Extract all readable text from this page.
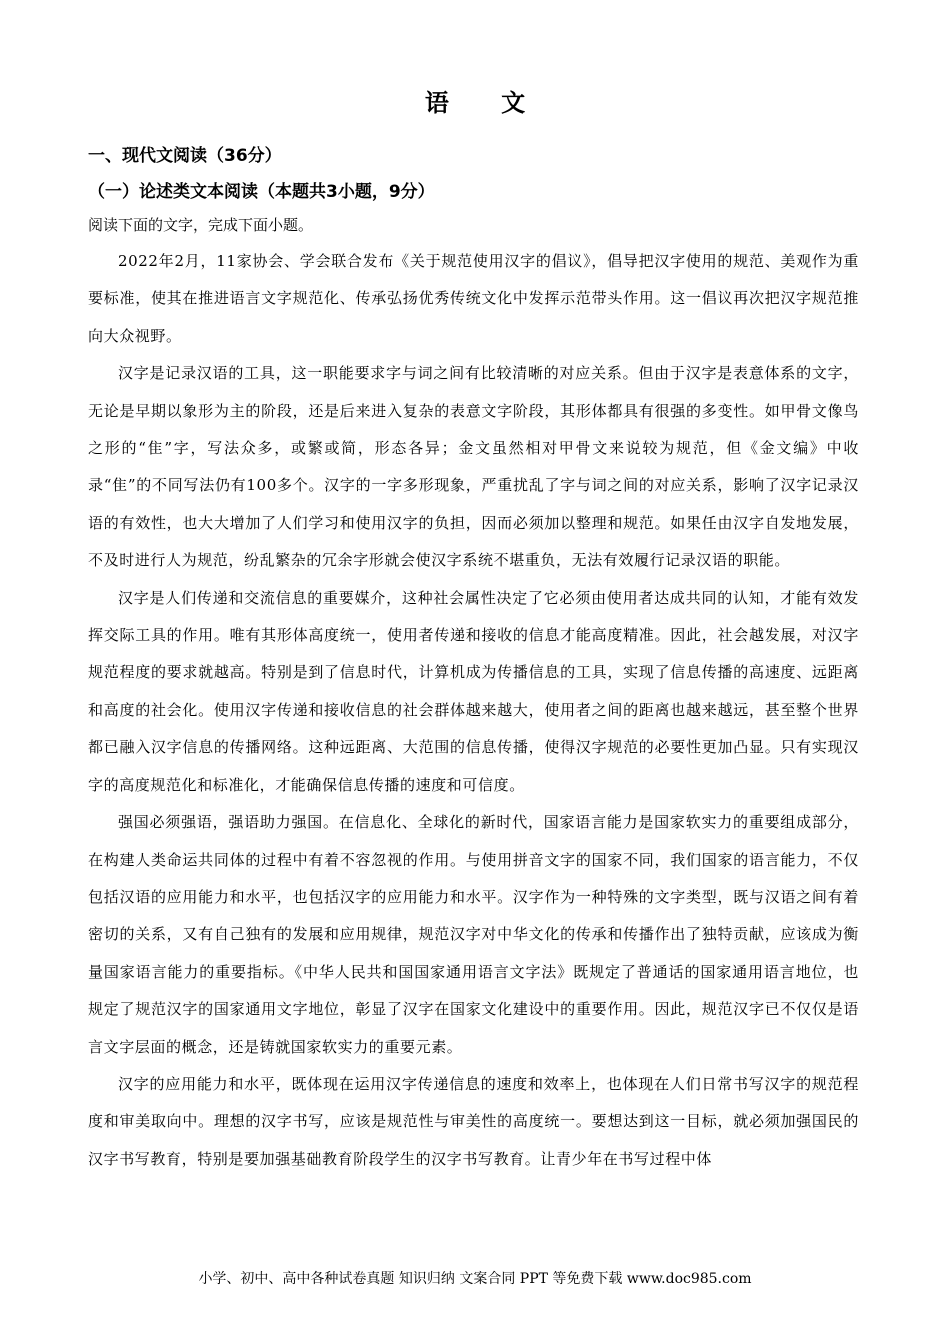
语 文
一、现代文阅读（36分）
（一）论述类文本阅读（本题共3小题，9分）
阅读下面的文字，完成下面小题。

2022年2月，11家协会、学会联合发布《关于规范使用汉字的倡议》，倡导把汉字使用的规范、美观作为重要标准，使其在推进语言文字规范化、传承弘扬优秀传统文化中发挥示范带头作用。这一倡议再次把汉字规范推向大众视野。

汉字是记录汉语的工具，这一职能要求字与词之间有比较清晰的对应关系。但由于汉字是表意体系的文字，无论是早期以象形为主的阶段，还是后来进入复杂的表意文字阶段，其形体都具有很强的多变性。如甲骨文像鸟之形的“隹”字，写法众多，或繁或简，形态各异；金文虽然相对甲骨文来说较为规范，但《金文编》中收录“隹”的不同写法仍有100多个。汉字的一字多形现象，严重扰乱了字与词之间的对应关系，影响了汉字记录汉语的有效性，也大大增加了人们学习和使用汉字的负担，因而必须加以整理和规范。如果任由汉字自发地发展，不及时进行人为规范，纷乱繁杂的冗余字形就会使汉字系统不堪重负，无法有效履行记录汉语的职能。

汉字是人们传递和交流信息的重要媒介，这种社会属性决定了它必须由使用者达成共同的认知，才能有效发挥交际工具的作用。唯有其形体高度统一，使用者传递和接收的信息才能高度精准。因此，社会越发展，对汉字规范程度的要求就越高。特别是到了信息时代，计算机成为传播信息的工具，实现了信息传播的高速度、远距离和高度的社会化。使用汉字传递和接收信息的社会群体越来越大，使用者之间的距离也越来越远，甚至整个世界都已融入汉字信息的传播网络。这种远距离、大范围的信息传播，使得汉字规范的必要性更加凸显。只有实现汉字的高度规范化和标准化，才能确保信息传播的速度和可信度。

强国必须强语，强语助力强国。在信息化、全球化的新时代，国家语言能力是国家软实力的重要组成部分，在构建人类命运共同体的过程中有着不容忽视的作用。与使用拼音文字的国家不同，我们国家的语言能力，不仅包括汉语的应用能力和水平，也包括汉字的应用能力和水平。汉字作为一种特殊的文字类型，既与汉语之间有着密切的关系，又有自己独有的发展和应用规律，规范汉字对中华文化的传承和传播作出了独特贡献，应该成为衡量国家语言能力的重要指标。《中华人民共和国国家通用语言文字法》既规定了普通话的国家通用语言地位，也规定了规范汉字的国家通用文字地位，彰显了汉字在国家文化建设中的重要作用。因此，规范汉字已不仅仅是语言文字层面的概念，还是铸就国家软实力的重要元素。

汉字的应用能力和水平，既体现在运用汉字传递信息的速度和效率上，也体现在人们日常书写汉字的规范程度和审美取向中。理想的汉字书写，应该是规范性与审美性的高度统一。要想达到这一目标，就必须加强国民的汉字书写教育，特别是要加强基础教育阶段学生的汉字书写教育。让青少年在书写过程中体

小学、初中、高中各种试卷真题 知识归纳 文案合同 PPT 等免费下载 www.doc985.com
